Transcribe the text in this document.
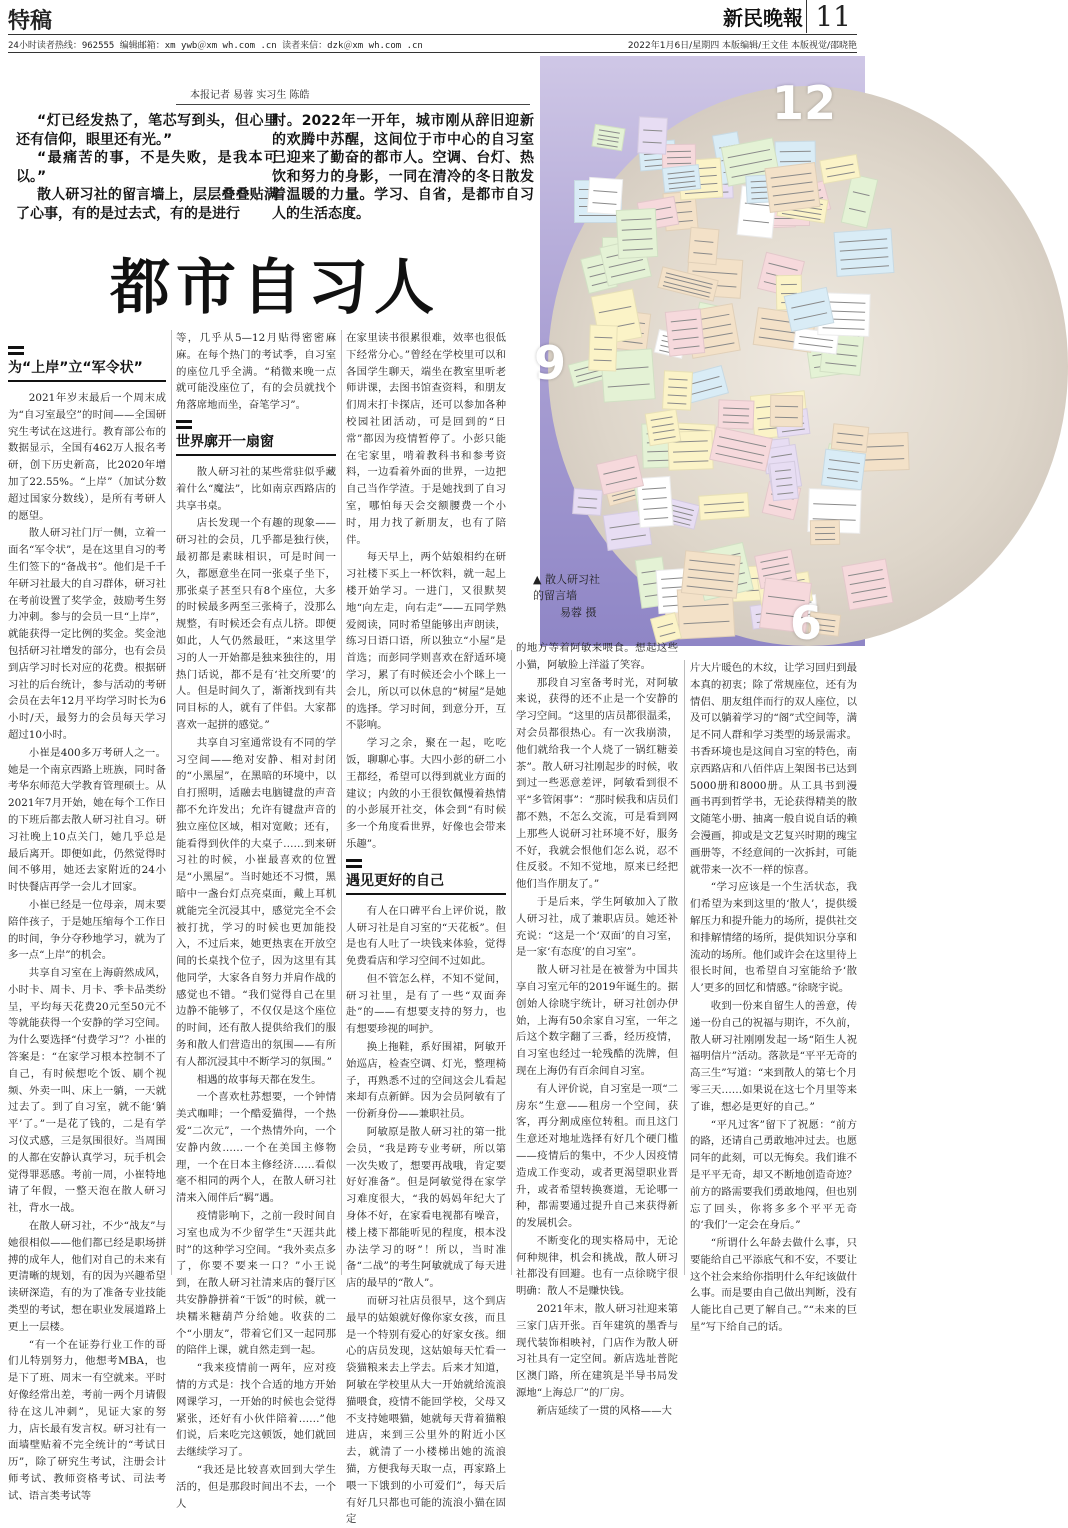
特稿	新民晚報 11
24小时读者热线：962555 编辑邮箱：xm ywb＠xm wh.com .cn 读者来信：dzk＠xm wh.com .cn	2022年1月6日/星期四 本版编辑/王文佳 本版视觉/邵晓艳
本报记者 易蓉 实习生 陈皓

“灯已经发热了，笔芯写到头，但心里还有信仰，眼里还有光。”

“最痛苦的事，不是失败，是我本可以。”

散人研习社的留言墙上，层层叠叠贴满了心事，有的是过去式，有的是进行

时。2022年一开年，城市刚从辞旧迎新的欢腾中苏醒，这间位于市中心的自习室已迎来了勤奋的都市人。空调、台灯、热饮和努力的身影，一同在清冷的冬日散发着温暖的力量。学习、自省，是都市自习人的生活态度。

都市自习人
12
9
6
▲ 散人研习社
的留言墙
易蓉 摄
为“上岸”立“军令状”

2021年岁末最后一个周末成为“自习室最空”的时间——全国研究生考试在这进行。教育部公布的数据显示，全国有462万人报名考研，创下历史新高，比2020年增加了22.55%。“上岸”（加试分数超过国家分数线），是所有考研人的愿望。

散人研习社门厅一侧，立着一面名“军令状”，是在这里自习的考生们签下的“备战书”。他们是千千年研习社最大的自习群体，研习社在考前设置了奖学金，鼓励考生努力冲刺。参与的会员一旦“上岸”，就能获得一定比例的奖金。奖金池包括研习社增发的部分，也有会员到店学习时长对应的花费。根据研习社的后台统计，参与活动的考研会员在去年12月平均学习时长为6小时/天，最努力的会员每天学习超过10小时。

小崔是400多万考研人之一。她是一个南京西路上班族，同时备考华东师范大学教育管理硕士。从2021年7月开始，她在每个工作日的下班后都去散人研习社自习。研习社晚上10点关门，她几乎总是最后离开。即便如此，仍然觉得时间不够用，她还去家附近的24小时快餐店再学一会儿才回家。

小崔已经是一位母亲，周末要陪伴孩子，于是她压缩每个工作日的时间，争分夺秒地学习，就为了多一点“上岸”的机会。

共享自习室在上海蔚然成风，小时卡、周卡、月卡、季卡品类纷呈，平均每天花费20元至50元不等就能获得一个安静的学习空间。为什么要选择“付费学习”？小崔的答案是：“在家学习根本控制不了自己，有时候想吃个饭、刷个视频、外卖一叫、床上一躺，一天就过去了。到了自习室，就不能‘躺平’了。”一是花了钱的，二是有学习仪式感，三是氛围很好。当周围的人都在安静认真学习，玩手机会觉得罪恶感。考前一周，小崔特地请了年假，一整天泡在散人研习社，背水一战。

在散人研习社，不少“战友”与她很相似——他们都已经是职场拼搏的成年人，他们对自己的未来有更清晰的规划，有的因为兴趣希望读研深造，有的为了准备专业技能类型的考试，想在职业发展道路上更上一层楼。

“有一个在证券行业工作的哥们儿特别努力，他想考MBA，也是下了班、周末一有空就来。平时好像经常出差，考前一两个月请假待在这儿冲刺”，见证大家的努力，店长最有发言权。研习社有一面墙壁贴着不完全统计的“考试日历”，除了研究生考试，注册会计师考试、教师资格考试、司法考试、语言类考试等

等，几乎从5—12月贴得密密麻麻。在每个热门的考试季，自习室的座位几乎全满。“稍微来晚一点就可能没座位了，有的会员就找个角落席地而坐，奋笔学习”。

世界廓开一扇窗

散人研习社的某些常驻似乎藏着什么“魔法”，比如南京西路店的共享书桌。

店长发现一个有趣的现象——研习社的会员，几乎都是独行侠，最初都是素昧相识，可是时间一久，都愿意坐在同一张桌子坐下，那张桌子甚至只有8个座位，大多的时候最多两至三张椅子，没那么规整，有时候还会有点儿挤。即便如此，人气仍然最旺，“来这里学习的人一开始都是独来独往的，用热门话说，都不是有‘社交所要’的人。但是时间久了，渐渐找到有共同目标的人，就有了伴侣。大家都喜欢一起拼的感觉。”

共享自习室通常设有不同的学习空间——绝对安静、相对封闭的“小黑屋”，在黑暗的环境中，以自打照明，适融去电脑键盘的声音都不允许发出；允许有键盘声音的独立座位区域，相对宽敞；还有，能看得到伙伴的大桌子……到来研习社的时候，小崔最喜欢的位置是“小黑屋”。当时她还不习惯，黑暗中一盏台灯点亮桌面，戴上耳机就能完全沉浸其中，感觉完全不会被打扰，学习的时候也更加能投入，不过后来，她更热衷在开放空间的长桌找个位子，因为这里有其他同学，大家各自努力并肩作战的感觉也不错。“我们觉得自己在里边静不能够了，不仅仅是这个座位的时间，还有散人提供给我们的服务和散人们营造出的氛围——有所有人都沉浸其中不断学习的氛围。”

相遇的故事每天都在发生。

一个喜欢杜苏想要，一个钟情美式咖啡；一个酷爱猫得，一个热爱“二次元”，一个热情外向，一个安静内敛……一个在美国主修物理，一个在日本主修经济……看似毫不相同的两个人，在散人研习社清来入闹伴后“羁”遇。

疫情影响下，之前一段时间自习室也成为不少留学生“天涯共此时”的这种学习空间。“我外卖点多了，你要不要来一口？”小王说到，在散人研习社清来店的餐厅区共安静静拼着“干饭”的时候，就一块糯米糖葫芦分给她。收获的二个“小朋友”，带着它们又一起同那的陪伴上课，就自然走到一起。

“我来疫情前一两年，应对疫情的方式是：找个合适的地方开始网课学习，一开始的时候也会觉得紧张，还好有小伙伴陪着……”他们说，后来吃完这顿饭，她们就回去继续学习了。

“我还是比较喜欢回到大学生活的，但是那段时间出不去，一个人

在家里读书很累很难，效率也很低下经常分心。”曾经在学校里可以和各国学生聊天，端坐在教室里听老师讲课，去图书馆查资料，和朋友们周末打卡探店，还可以参加各种校园社团活动，可是回到的“日常”都因为疫情暂停了。小彭只能在宅家里，啃着教科书和参考资料，一边看着外面的世界，一边把自己当作学渣。于是她找到了自习室，哪怕每天会交额腰费一个小时，用力找了新朋友，也有了陪伴。

每天早上，两个姑娘相约在研习社楼下买上一杯饮料，就一起上楼开始学习。一进门，又很默契地“向左走，向右走”——五同学熟爱阅读，同时希望能够出声朗读，练习日语口语，所以独立“小屋”是首选；而彭同学则喜欢在舒适环境学习，累了有时候还会小个眯上一会儿，所以可以休息的“树屋”是她的选择。学习时间，到意分开，互不影响。

学习之余，聚在一起，吃吃饭，聊聊心事。大四小彭的研二小王都经，希望可以得到就业方面的建议；内敛的小王很钦佩慢着热情的小彭展开社交，体会到“有时候多一个角度看世界，好像也会带来乐趣”。

遇见更好的自己

有人在口碑平台上评价说，散人研习社是自习室的“天花板”。但是也有人吐了一块钱来体验，觉得免费看店和学习空间不过如此。

但不管怎么样，不知不觉间，研习社里，是有了一些“双面奔赴”的——有想要支持的努力，也有想要珍视的呵护。

换上拖鞋，系好围裙，阿敏开始巡店，检查空调、灯光，整理椅子，再熟悉不过的空间这会儿看起来却有点新鲜。因为会员阿敏有了一份新身份——兼职社员。

阿敏原是散人研习社的第一批会员，“我是跨专业考研，所以第一次失败了，想要再战哦，肯定要好好准备”。但是阿敏觉得在家学习难度很大，“我的妈妈年纪大了身体不好，在家看电视都有噪音，楼上楼下都能听见的程度，根本没办法学习的呀”！所以，当时准备“二战”的考生阿敏就成了每天进店的最早的“散人”。

而研习社店员很早，这个到店最早的姑娘就好像你家女孩，而且是一个特别有爱心的好家女孩。细心的店员发现，这姑娘每天忙看一袋猫粮来去上学去。后来才知道，阿敏在学校里从大一开始就给流浪猫喂食，疫情不能回学校，父母又不支持她喂猫，她就每天背着猫粮进店，来到三公里外的附近小区去，就清了一小楼梯出她的流浪猫，方便我每天取一点，再家路上喂一下饿到的小可爱们”，每天后有好几只都也可能的流浪小猫在固定

的地方等着阿敏来喂食。想起这些小猫，阿敏脸上洋溢了笑容。

那段自习室备考时光，对阿敏来说，获得的还不止是一个安静的学习空间。“这里的店员都很温柔，对会员都很热心。有一次我崩溃，他们就给我一个人烧了一锅红糖姜茶”。散人研习社刚起步的时候，收到过一些恶意差评，阿敏看到很不平“多管闲事”：“那时候我和店员们都不熟，不怎么交流，可是看到网上那些人说研习社环境不好，服务不好，我就会恨他们怎么说，忍不住反驳。不知不觉地，原来已经把他们当作朋友了。”

于是后来，学生阿敏加入了散人研习社，成了兼职店员。她还补充说：“这是一个‘双面’的自习室，是一家‘有态度’的自习室”。

散人研习社是在被誉为中国共享自习室元年的2019年诞生的。据创始人徐晓宇统计，研习社创办伊始，上海有50余家自习室，一年之后这个数字翻了三番，经历疫情，自习室也经过一轮残酷的洗牌，但现在上海仍有百余间自习室。

有人评价说，自习室是一项“二房东”生意——租房一个空间，获客，再分割成座位转租。而且这门生意还对地址选择有好几个硬门槛——疫情后的集中，不少人因疫情造成工作变动，或者更渴望职业晋升，或者希望转换赛道，无论哪一种，都需要通过提升自己来获得新的发展机会。

不断变化的现实格局中，无论何种规律，机会和挑战，散人研习社都没有回避。也有一点徐晓宇很明确：散人不是赚快钱。

2021年末，散人研习社迎来第三家门店开张。百年建筑的墨香与现代装饰相映衬，门店作为散人研习社具有一定空间。新店选址普陀区澳门路，所在建筑是半导书局发源地“上海总厂”的厂房。

新店延续了一贯的风格——大

片大片暖色的木纹，让学习回归到最本真的初衷；除了常规座位，还有为情侣、朋友组伴而行的双人座位，以及可以躺着学习的“阁”式空间等，满足不同人群和学习类型的场景需求。书香环境也是这间自习室的特色，南京西路店和八佰伴店上架图书已达到5000册和8000册。从工具书到漫画书再到哲学书，无论获得精美的散文随笔小册、抽离一般自说自话的赖会漫画，抑或是文艺复兴时期的瑰宝画册等，不经意间的一次拆封，可能就带来一次不一样的惊喜。

“学习应该是一个生活状态，我们希望为来到这里的‘散人’，提供缓解压力和提升能力的场所，提供社交和排解情绪的场所，提供知识分享和流动的场所。他们或许会在这里待上很长时间，也希望自习室能给予‘散人’更多的回忆和情感。”徐晓宇说。

收到一份来自留生人的善意，传递一份自己的祝福与期许，不久前，散人研习社刚刚发起一场“陌生人祝福明信片”活动。落款是“平平无奇的高三生”写道：“来到散人的第七个月零三天……如果说在这七个月里等来了谁，想必是更好的自己。”

“平凡过客”留下了祝愿：“前方的路，还请自己勇敢地冲过去。也愿同年的此刻，可以无悔矣。我们谁不是平平无奇，却又不断地创造奇迹？前方的路需要我们勇敢地闯，但也别忘了回头，你将多多个平平无奇的‘我们’一定会在身后。”

“所谓什么年龄去做什么事，只要能给自己平添底气和不安，不要让这个社会来给你指明什么年纪该做什么事。而是要由自己做出判断，没有人能比自己更了解自己。”“未来的巨星”写下给自己的话。
